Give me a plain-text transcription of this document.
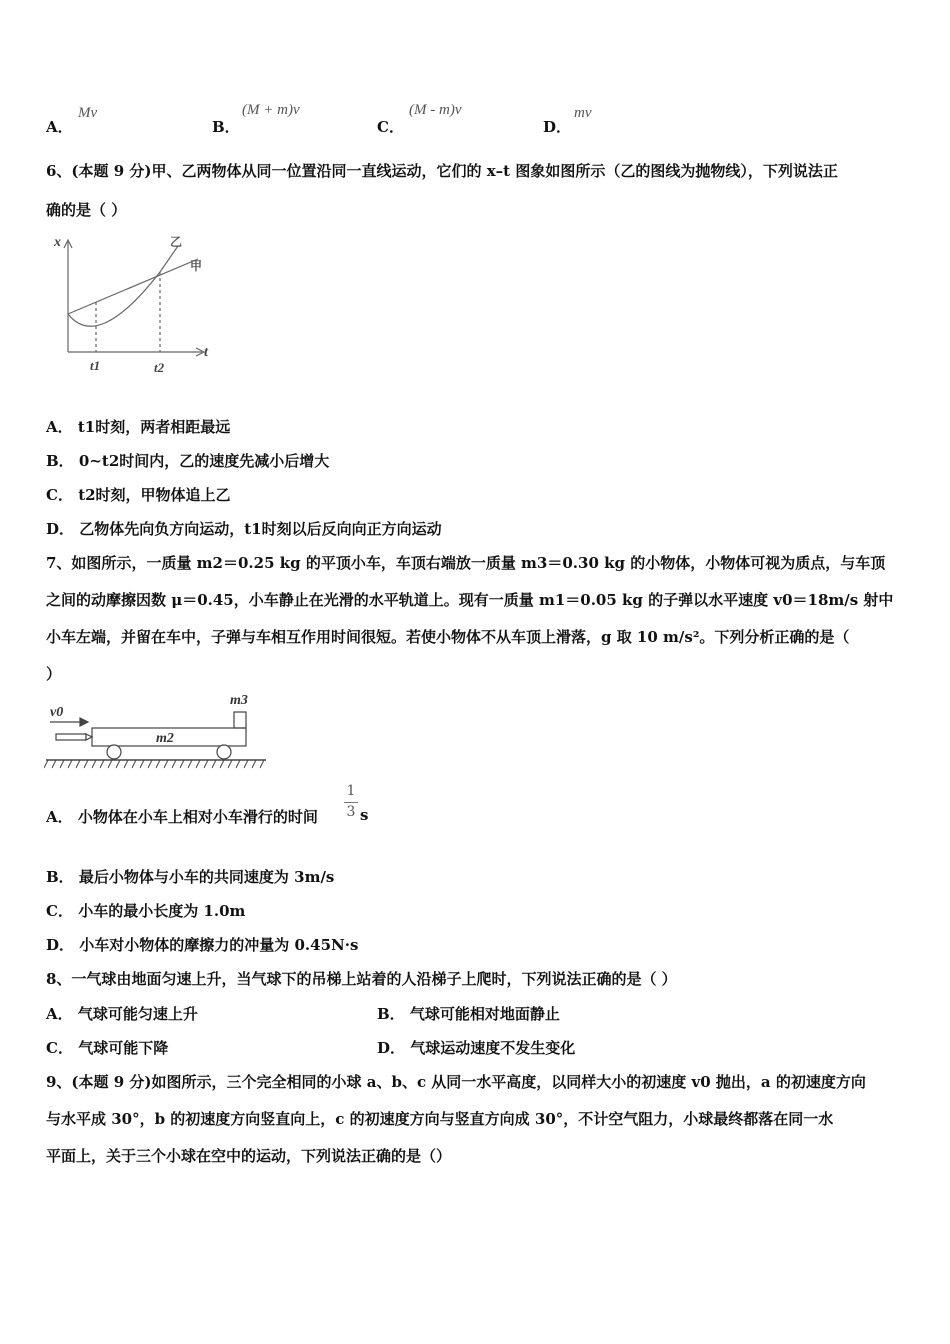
A．
Mv
B．
(M + m)v
C．
(M - m)v
D．
mv
6、(本题 9 分)甲、乙两物体从同一位置沿同一直线运动，它们的 x–t 图象如图所示（乙的图线为抛物线），下列说法正
确的是（ ）
x
t
乙
甲
t1	t2
A． t1时刻，两者相距最远
B． 0~t2时间内，乙的速度先减小后增大
C． t2时刻，甲物体追上乙
D． 乙物体先向负方向运动，t1时刻以后反向向正方向运动
7、如图所示，一质量 m2＝0.25 kg 的平顶小车，车顶右端放一质量 m3＝0.30 kg 的小物体，小物体可视为质点，与车顶
之间的动摩擦因数 μ＝0.45，小车静止在光滑的水平轨道上。现有一质量 m1＝0.05 kg 的子弹以水平速度 v0＝18m/s 射中
小车左端，并留在车中，子弹与车相互作用时间很短。若使小物体不从车顶上滑落，g 取 10 m/s²。下列分析正确的是（
）
v0
m2
m3
A． 小物体在小车上相对小车滑行的时间 $\frac{1}{3}$ s
B． 最后小物体与小车的共同速度为 3m/s
C． 小车的最小长度为 1.0m
D． 小车对小物体的摩擦力的冲量为 0.45N·s
8、一气球由地面匀速上升，当气球下的吊梯上站着的人沿梯子上爬时，下列说法正确的是（ ）
A． 气球可能匀速上升	B． 气球可能相对地面静止
C． 气球可能下降	D． 气球运动速度不发生变化
9、(本题 9 分)如图所示，三个完全相同的小球 a、b、c 从同一水平高度，以同样大小的初速度 v0 抛出，a 的初速度方向
与水平成 30°，b 的初速度方向竖直向上，c 的初速度方向与竖直方向成 30°，不计空气阻力，小球最终都落在同一水
平面上，关于三个小球在空中的运动，下列说法正确的是（）
